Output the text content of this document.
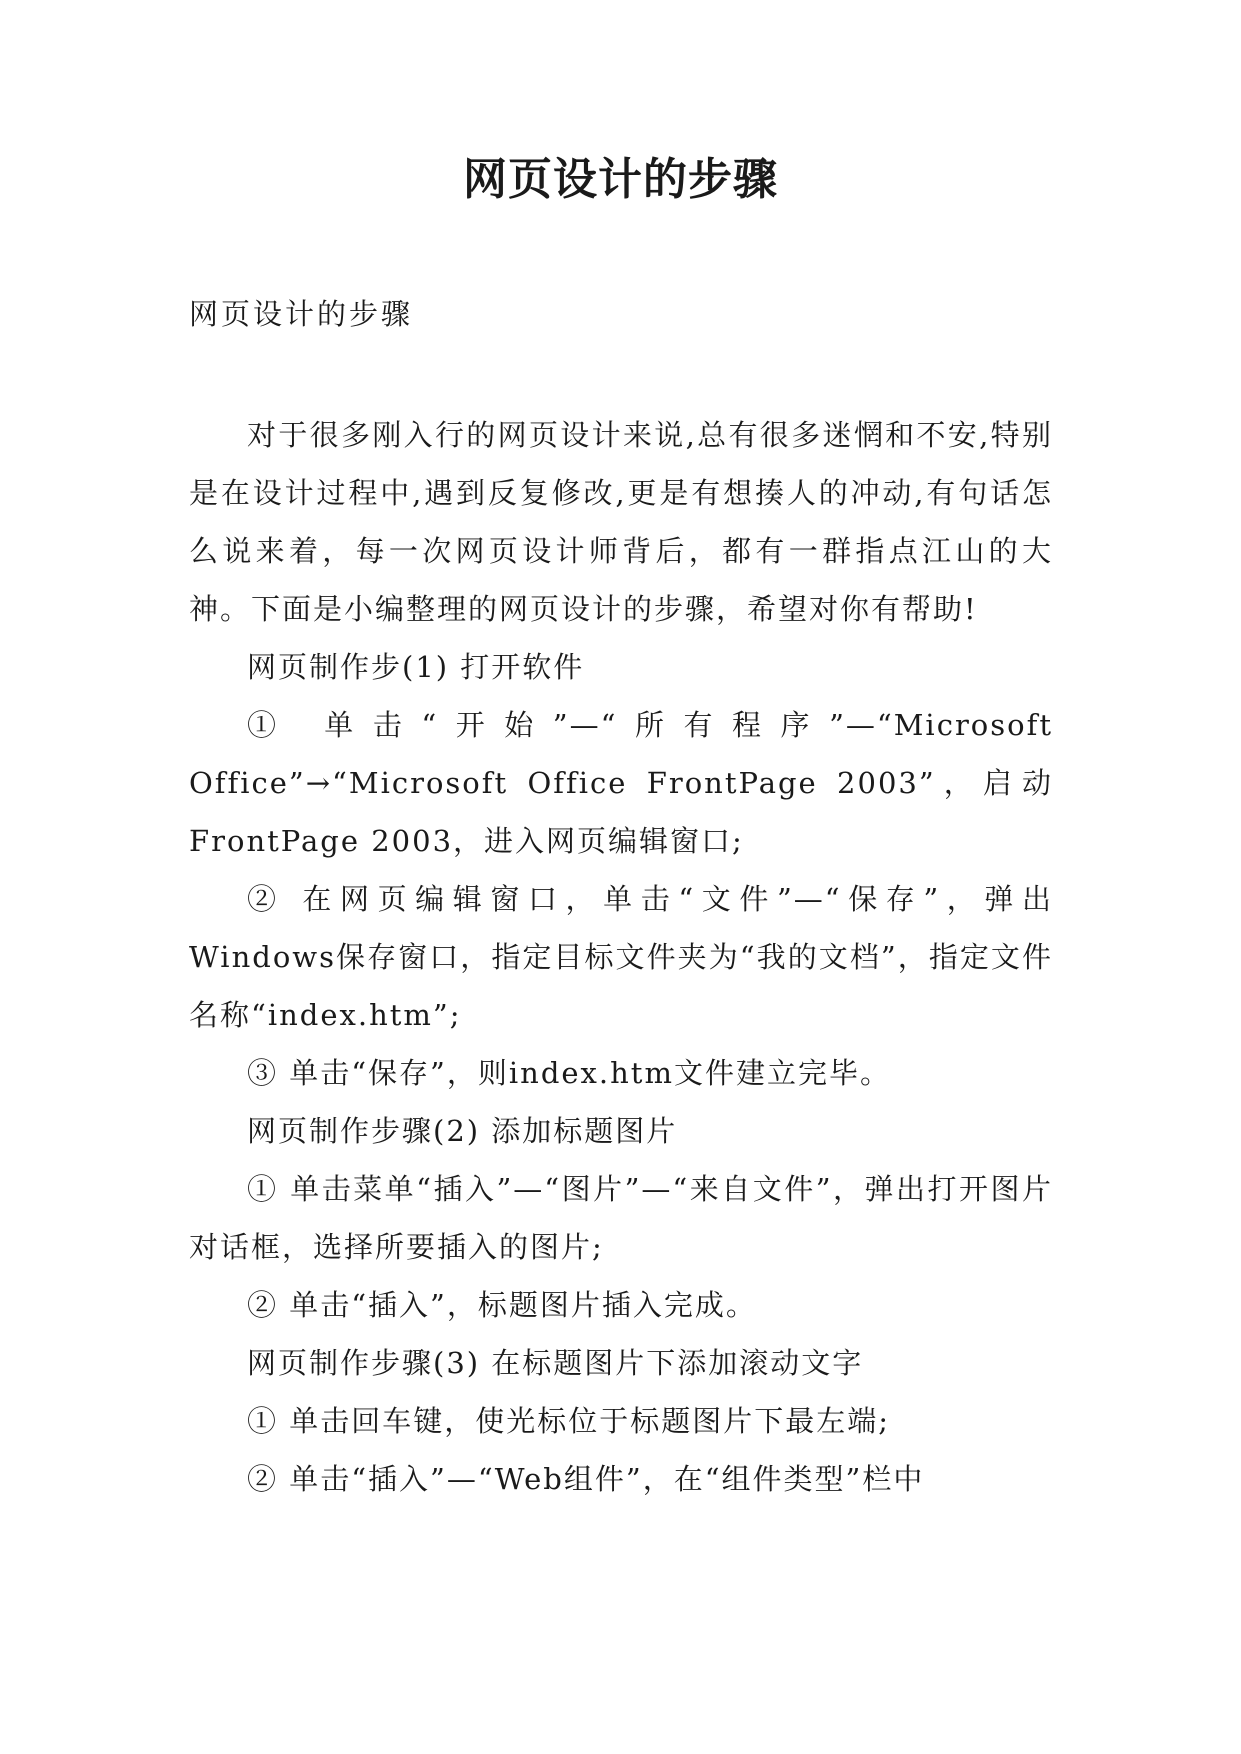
网页设计的步骤

网页设计的步骤

对于很多刚入行的网页设计来说,总有很多迷惘和不安,特别是在设计过程中,遇到反复修改,更是有想揍人的冲动,有句话怎么说来着，每一次网页设计师背后，都有一群指点江山的大神。下面是小编整理的网页设计的步骤，希望对你有帮助!

网页制作步(1) 打开软件

① 单击“开始”—“所有程序”—“Microsoft Office”→“Microsoft Office FrontPage 2003”，启动FrontPage 2003，进入网页编辑窗口;

② 在网页编辑窗口，单击“文件”—“保存”，弹出Windows保存窗口，指定目标文件夹为“我的文档”，指定文件名称“index.htm”;

③ 单击“保存”，则index.htm文件建立完毕。

网页制作步骤(2) 添加标题图片

① 单击菜单“插入”—“图片”—“来自文件”，弹出打开图片对话框，选择所要插入的图片;

② 单击“插入”，标题图片插入完成。

网页制作步骤(3) 在标题图片下添加滚动文字

① 单击回车键，使光标位于标题图片下最左端;

② 单击“插入”—“Web组件”，在“组件类型”栏中
